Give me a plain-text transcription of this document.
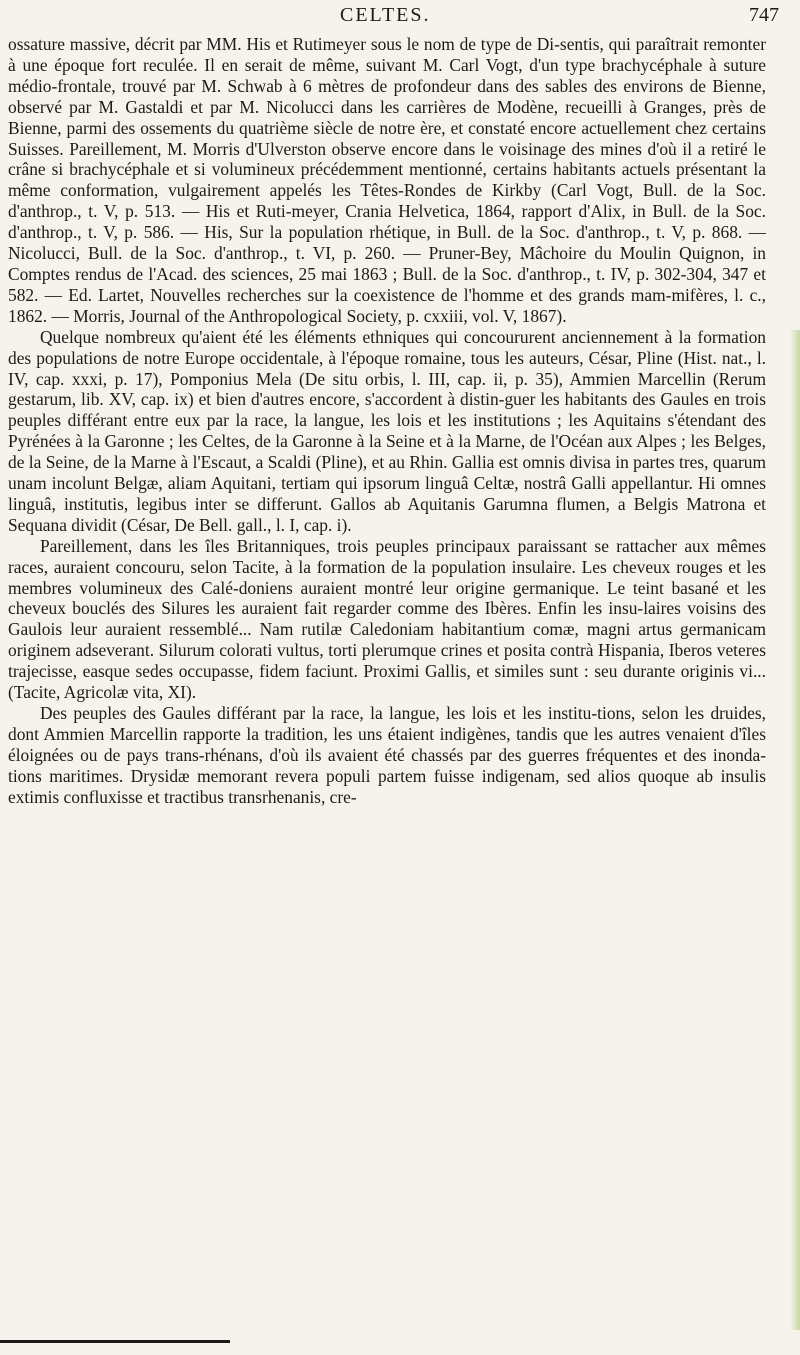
CELTES.	747

ossature massive, décrit par MM. His et Rutimeyer sous le nom de type de Di-sentis, qui paraîtrait remonter à une époque fort reculée. Il en serait de même, suivant M. Carl Vogt, d'un type brachycéphale à suture médio-frontale, trouvé par M. Schwab à 6 mètres de profondeur dans des sables des environs de Bienne, observé par M. Gastaldi et par M. Nicolucci dans les carrières de Modène, recueilli à Granges, près de Bienne, parmi des ossements du quatrième siècle de notre ère, et constaté encore actuellement chez certains Suisses. Pareillement, M. Morris d'Ulverston observe encore dans le voisinage des mines d'où il a retiré le crâne si brachycéphale et si volumineux précédemment mentionné, certains habitants actuels présentant la même conformation, vulgairement appelés les Têtes-Rondes de Kirkby (Carl Vogt, Bull. de la Soc. d'anthrop., t. V, p. 513. — His et Ruti-meyer, Crania Helvetica, 1864, rapport d'Alix, in Bull. de la Soc. d'anthrop., t. V, p. 586. — His, Sur la population rhétique, in Bull. de la Soc. d'anthrop., t. V, p. 868. — Nicolucci, Bull. de la Soc. d'anthrop., t. VI, p. 260. — Pruner-Bey, Mâchoire du Moulin Quignon, in Comptes rendus de l'Acad. des sciences, 25 mai 1863 ; Bull. de la Soc. d'anthrop., t. IV, p. 302-304, 347 et 582. — Ed. Lartet, Nouvelles recherches sur la coexistence de l'homme et des grands mam-mifères, l. c., 1862. — Morris, Journal of the Anthropological Society, p. cxxiii, vol. V, 1867).

Quelque nombreux qu'aient été les éléments ethniques qui concoururent anciennement à la formation des populations de notre Europe occidentale, à l'époque romaine, tous les auteurs, César, Pline (Hist. nat., l. IV, cap. xxxi, p. 17), Pomponius Mela (De situ orbis, l. III, cap. ii, p. 35), Ammien Marcellin (Rerum gestarum, lib. XV, cap. ix) et bien d'autres encore, s'accordent à distin-guer les habitants des Gaules en trois peuples différant entre eux par la race, la langue, les lois et les institutions ; les Aquitains s'étendant des Pyrénées à la Garonne ; les Celtes, de la Garonne à la Seine et à la Marne, de l'Océan aux Alpes ; les Belges, de la Seine, de la Marne à l'Escaut, a Scaldi (Pline), et au Rhin. Gallia est omnis divisa in partes tres, quarum unam incolunt Belgæ, aliam Aquitani, tertiam qui ipsorum linguâ Celtæ, nostrâ Galli appellantur. Hi omnes linguâ, institutis, legibus inter se differunt. Gallos ab Aquitanis Garumna flumen, a Belgis Matrona et Sequana dividit (César, De Bell. gall., l. I, cap. i).

Pareillement, dans les îles Britanniques, trois peuples principaux paraissant se rattacher aux mêmes races, auraient concouru, selon Tacite, à la formation de la population insulaire. Les cheveux rouges et les membres volumineux des Calé-doniens auraient montré leur origine germanique. Le teint basané et les cheveux bouclés des Silures les auraient fait regarder comme des Ibères. Enfin les insu-laires voisins des Gaulois leur auraient ressemblé... Nam rutilæ Caledoniam habitantium comæ, magni artus germanicam originem adseverant. Silurum colorati vultus, torti plerumque crines et posita contrà Hispania, Iberos veteres trajecisse, easque sedes occupasse, fidem faciunt. Proximi Gallis, et similes sunt : seu durante originis vi... (Tacite, Agricolæ vita, XI).

Des peuples des Gaules différant par la race, la langue, les lois et les institu-tions, selon les druides, dont Ammien Marcellin rapporte la tradition, les uns étaient indigènes, tandis que les autres venaient d'îles éloignées ou de pays trans-rhénans, d'où ils avaient été chassés par des guerres fréquentes et des inonda-tions maritimes. Drysidæ memorant revera populi partem fuisse indigenam, sed alios quoque ab insulis extimis confluxisse et tractibus transrhenanis, cre-
